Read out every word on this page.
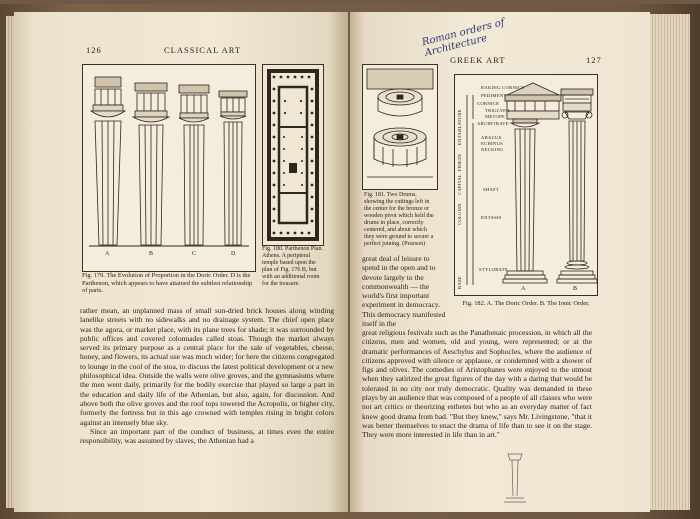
126	CLASSICAL ART
A	B	C	D
Fig. 179. The Evolution of Proportion in the Doric Order. D is the Parthenon, which appears to have attained the subtlest relationship of parts.
Fig. 180. Parthenon Plan. Athens. A peripteral temple based upon the plan of Fig. 176 B, but with an additional room for the treasure.

rather mean, an unplanned mass of small sun-dried brick houses along winding lanelike streets with no sidewalks and no drainage system. The chief open place was the agora, or market place, with its plane trees for shade; it was surrounded by public offices and covered colonnades called stoas. Though the market always served its primary purpose as a central place for the sale of vegetables, cheese, honey, and flowers, its actual use was much wider; for here the citizens congregated to lounge in the cool of the stoa, to discuss the latest political development or a new philosophical idea. Outside the walls were olive groves, and the gymnasiums where the men went daily, primarily for the bodily exercise that played so large a part in the education and daily life of the Athenian, but also, again, for discussion. And above both the olive groves and the roof tops towered the Acropolis, or higher city, formerly the fortress but in this age crowned with temples rising in bright colors against an intensely blue sky.

Since an important part of the conduct of business, at times even the entire responsibility, was assumed by slaves, the Athenian had a

Roman orders of Architecture
GREEK ART	127
Fig. 181. Two Drums, showing the cuttings left in the center for the bronze or wooden pivot which held the drums in place, correctly centered, and about which they were ground to secure a perfect joining. (Pearson)
RAKING CORNICE
PEDIMENT
CORNICE
TRIGLYPH
METOPE
ARCHITRAVE
ABACUS
ECHINUS
NECKING
SHAFT
ENTASIS
STYLOBATE
ENTABLATURE
FRIEZE
CAPITAL
COLUMN
BASE	A	B
Fig. 182. A. The Doric Order. B. The Ionic Order.
great deal of leisure to spend in the open and to devote largely to the commonwealth — the world's first important experiment in democracy. This democracy manifested itself in the
great religious festivals such as the Panathenaic procession, in which all the citizens, men and women, old and young, were represented; or at the dramatic performances of Aeschylus and Sophocles, where the audience of citizens approved with silence or applause, or condemned with a shower of figs and olives. The comedies of Aristophanes were enjoyed to the utmost when they satirized the great figures of the day with a daring that would be tolerated in no city not truly democratic. Quality was demanded in these plays by an audience that was composed of a people of all classes who were not art critics or theorizing esthetes but who as an everyday matter of fact knew good drama from bad. "But they knew," says Mr. Livingstone, "that it was better themselves to enact the drama of life than to see it on the stage. They were more interested in life than in art."
